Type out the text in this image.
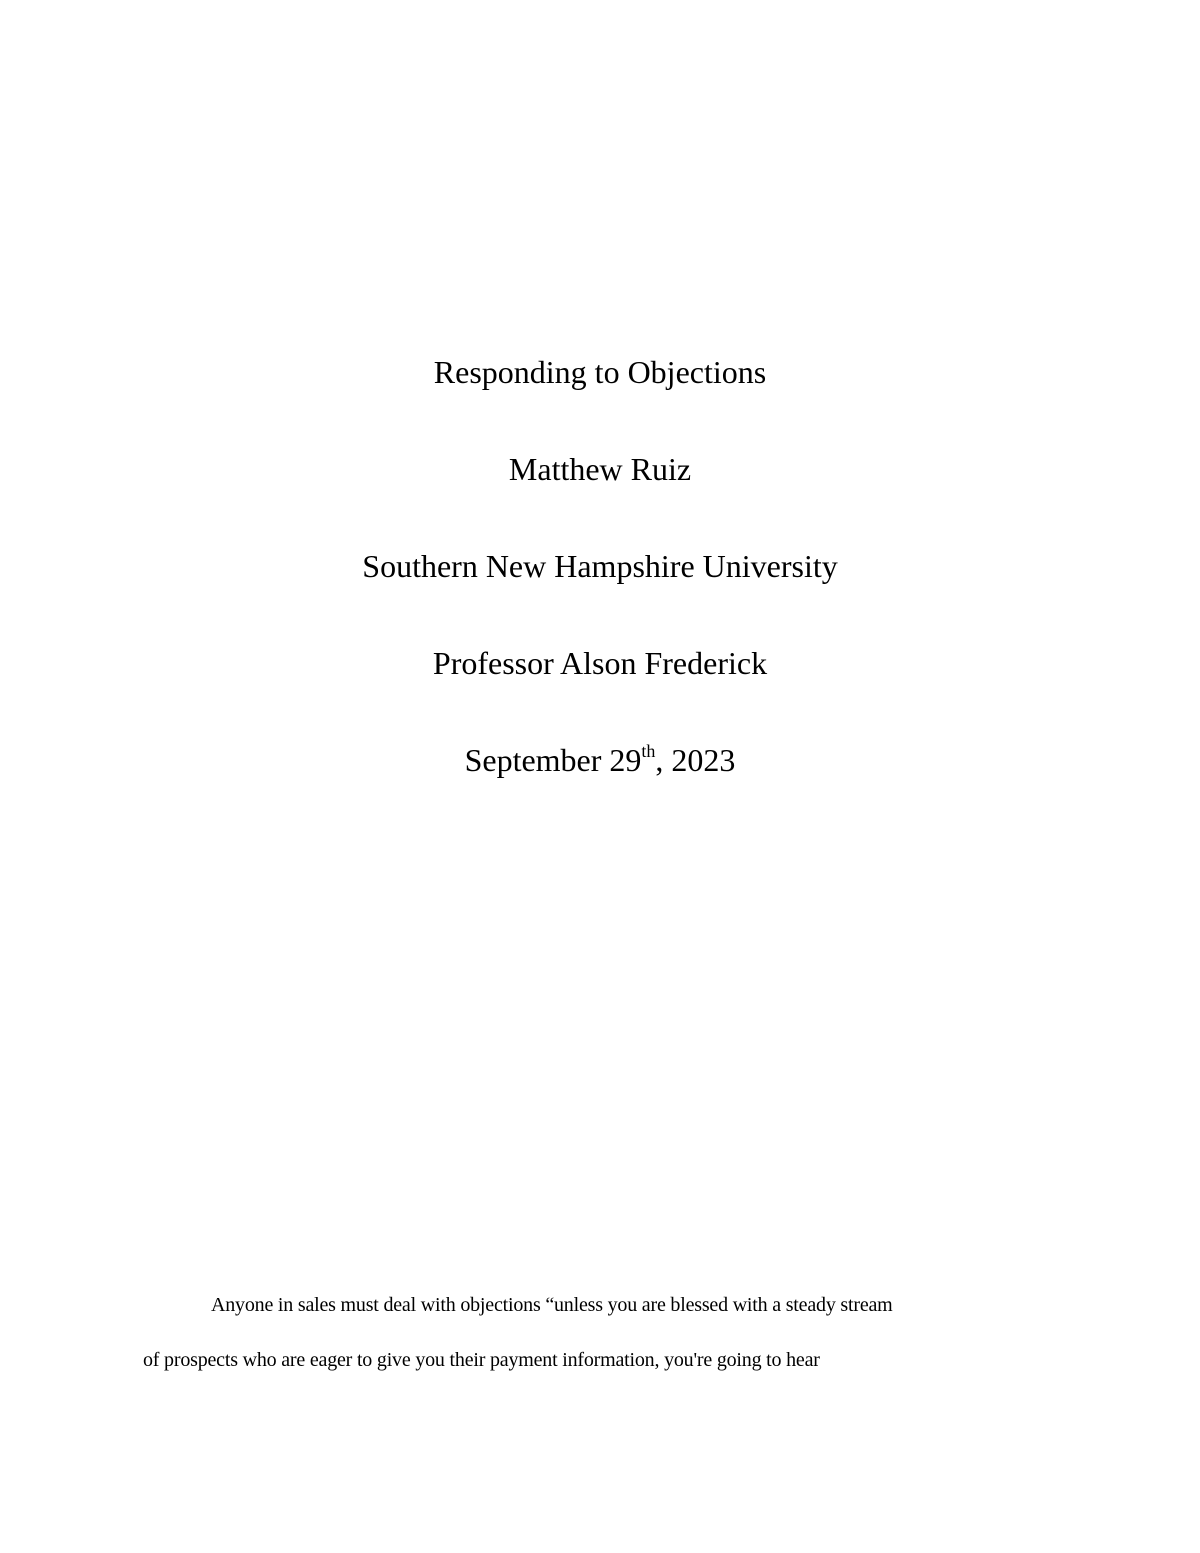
Responding to Objections
Matthew Ruiz
Southern New Hampshire University
Professor Alson Frederick
September 29th, 2023
Anyone in sales must deal with objections “unless you are blessed with a steady stream
of prospects who are eager to give you their payment information, you're going to hear
